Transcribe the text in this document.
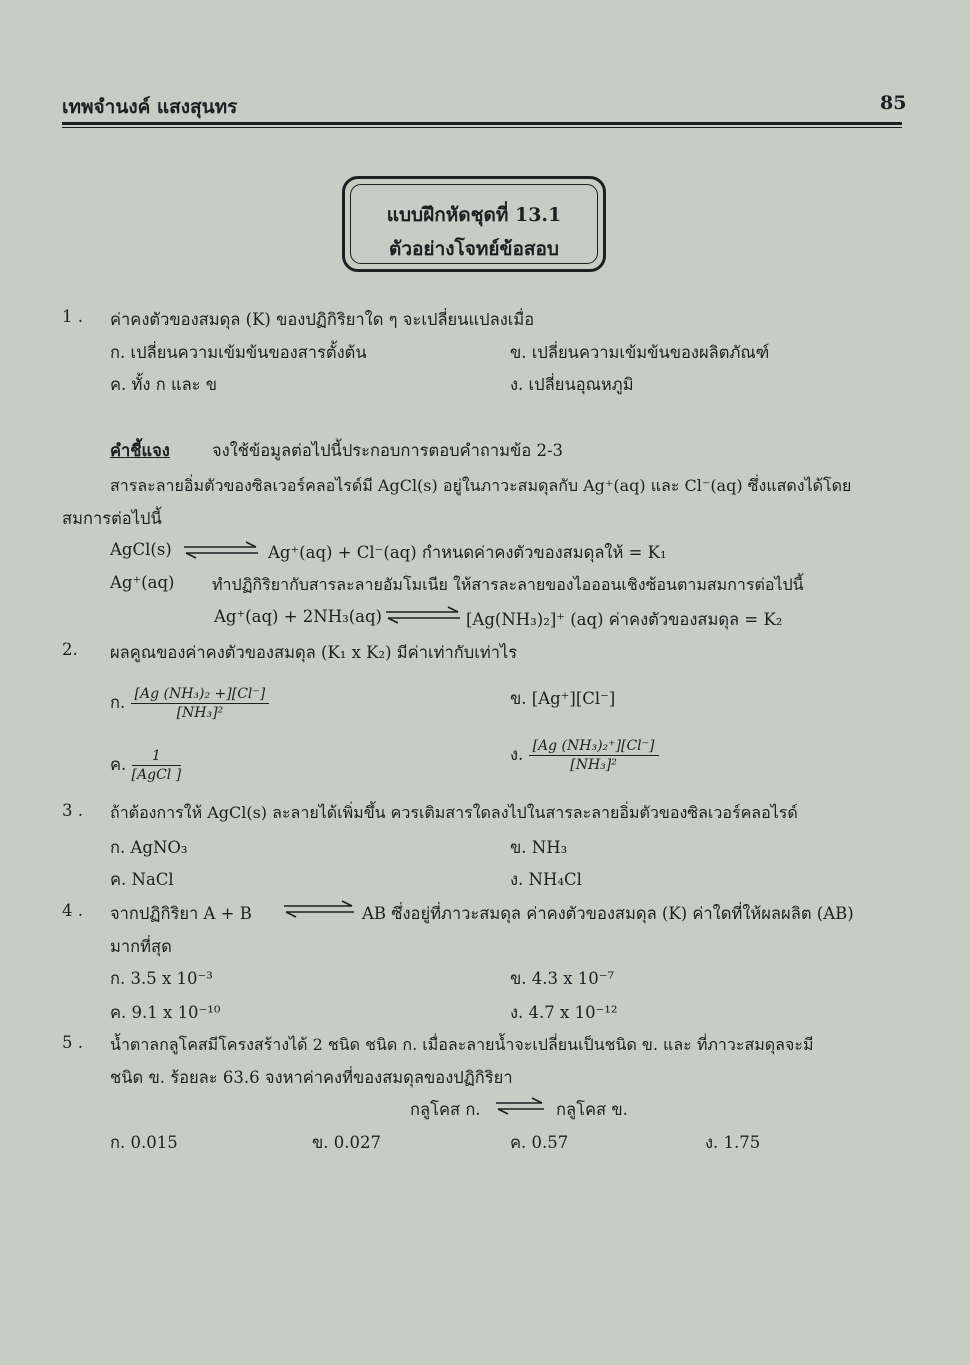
เทพจำนงค์ แสงสุนทร	85
แบบฝึกหัดชุดที่ 13.1
ตัวอย่างโจทย์ข้อสอบ
1 . ค่าคงตัวของสมดุล (K) ของปฏิกิริยาใด ๆ จะเปลี่ยนแปลงเมื่อ
ก. เปลี่ยนความเข้มข้นของสารตั้งต้น	ข. เปลี่ยนความเข้มข้นของผลิตภัณฑ์
ค. ทั้ง ก และ ข	ง. เปลี่ยนอุณหภูมิ
คำชี้แจง	จงใช้ข้อมูลต่อไปนี้ประกอบการตอบคำถามข้อ 2-3
สารละลายอิ่มตัวของซิลเวอร์คลอไรด์มี AgCl(s) อยู่ในภาวะสมดุลกับ Ag⁺(aq) และ Cl⁻(aq) ซึ่งแสดงได้โดย
สมการต่อไปนี้
AgCl(s)	Ag⁺(aq) + Cl⁻(aq) กำหนดค่าคงตัวของสมดุลให้ = K₁
Ag⁺(aq) ทำปฏิกิริยากับสารละลายอัมโมเนีย ให้สารละลายของไอออนเชิงซ้อนตามสมการต่อไปนี้
Ag⁺(aq) + 2NH₃(aq)	[Ag(NH₃)₂]⁺ (aq) ค่าคงตัวของสมดุล = K₂
2. ผลคูณของค่าคงตัวของสมดุล (K₁ x K₂) มีค่าเท่ากับเท่าไร
ก. $\frac{\text{[Ag (NH₃)₂ +][Cl⁻]}}{\text{[NH₃]²}}$	ข. [Ag⁺][Cl⁻]
ค. $\frac{1}{\text{[AgCl ]}}$	ง. $\frac{\text{[Ag (NH₃)₂⁺][Cl⁻]}}{\text{[NH₃]²}}$
3 . ถ้าต้องการให้ AgCl(s) ละลายได้เพิ่มขึ้น ควรเติมสารใดลงไปในสารละลายอิ่มตัวของซิลเวอร์คลอไรด์
ก. AgNO₃	ข. NH₃
ค. NaCl	ง. NH₄Cl
4 . จากปฏิกิริยา A + B	AB ซึ่งอยู่ที่ภาวะสมดุล ค่าคงตัวของสมดุล (K) ค่าใดที่ให้ผลผลิต (AB)
มากที่สุด
ก. 3.5 x 10⁻³	ข. 4.3 x 10⁻⁷
ค. 9.1 x 10⁻¹⁰	ง. 4.7 x 10⁻¹²
5 . น้ำตาลกลูโคสมีโครงสร้างได้ 2 ชนิด ชนิด ก. เมื่อละลายน้ำจะเปลี่ยนเป็นชนิด ข. และ ที่ภาวะสมดุลจะมี
ชนิด ข. ร้อยละ 63.6 จงหาค่าคงที่ของสมดุลของปฏิกิริยา
กลูโคส ก. ⇌ กลูโคส ข.
ก. 0.015	ข. 0.027	ค. 0.57	ง. 1.75
